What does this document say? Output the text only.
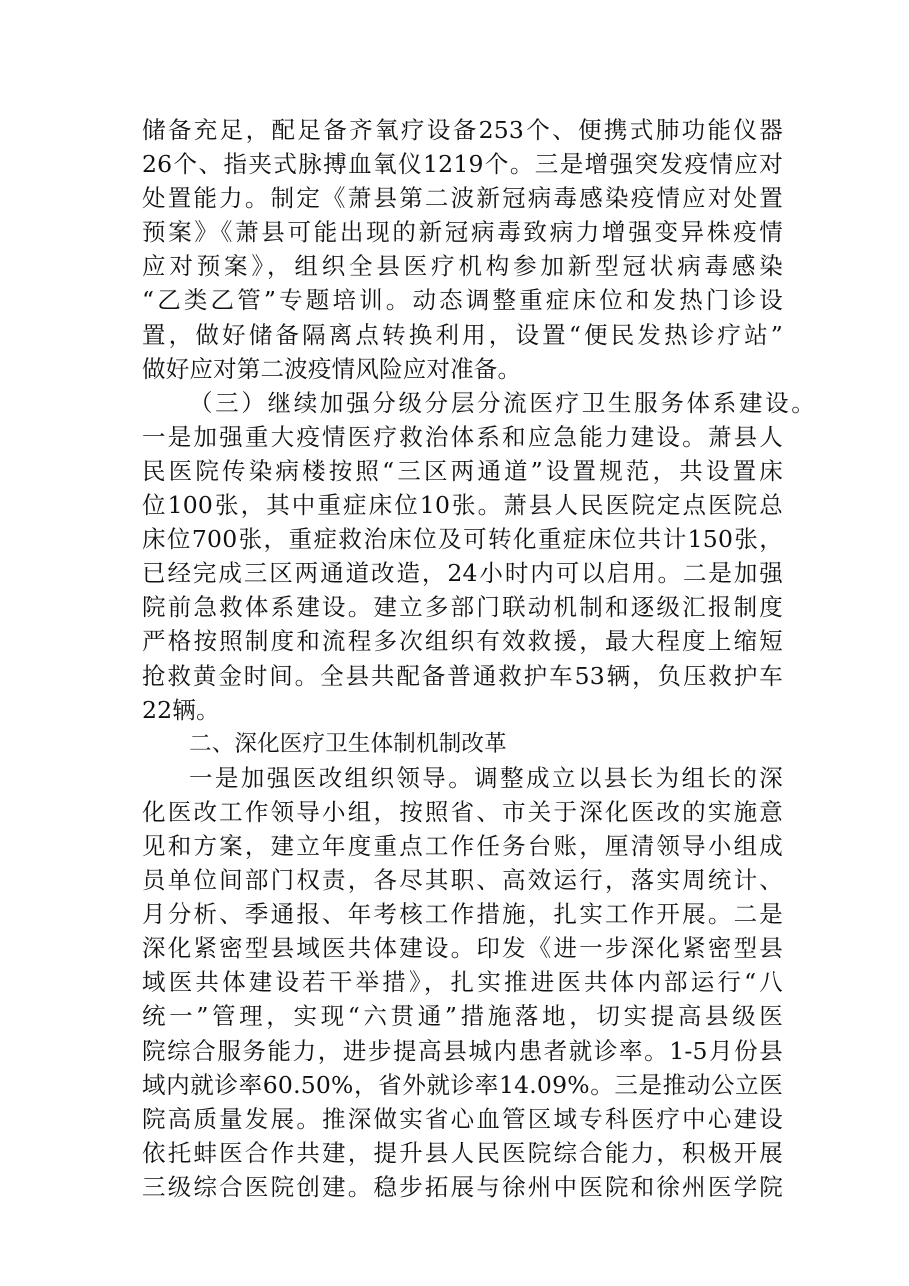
储备充足，配足备齐氧疗设备253个、便携式肺功能仪器
26个、指夹式脉搏血氧仪1219个。三是增强突发疫情应对
处置能力。制定《萧县第二波新冠病毒感染疫情应对处置
预案》《萧县可能出现的新冠病毒致病力增强变异株疫情
应对预案》，组织全县医疗机构参加新型冠状病毒感染
“乙类乙管”专题培训。动态调整重症床位和发热门诊设
置，做好储备隔离点转换利用，设置“便民发热诊疗站”
做好应对第二波疫情风险应对准备。
（三）继续加强分级分层分流医疗卫生服务体系建设。
一是加强重大疫情医疗救治体系和应急能力建设。萧县人
民医院传染病楼按照“三区两通道”设置规范，共设置床
位100张，其中重症床位10张。萧县人民医院定点医院总
床位700张，重症救治床位及可转化重症床位共计150张，
已经完成三区两通道改造，24小时内可以启用。二是加强
院前急救体系建设。建立多部门联动机制和逐级汇报制度
严格按照制度和流程多次组织有效救援，最大程度上缩短
抢救黄金时间。全县共配备普通救护车53辆，负压救护车
22辆。
二、深化医疗卫生体制机制改革
一是加强医改组织领导。调整成立以县长为组长的深
化医改工作领导小组，按照省、市关于深化医改的实施意
见和方案，建立年度重点工作任务台账，厘清领导小组成
员单位间部门权责，各尽其职、高效运行，落实周统计、
月分析、季通报、年考核工作措施，扎实工作开展。二是
深化紧密型县域医共体建设。印发《进一步深化紧密型县
域医共体建设若干举措》，扎实推进医共体内部运行“八
统一”管理，实现“六贯通”措施落地，切实提高县级医
院综合服务能力，进步提高县城内患者就诊率。1-5月份县
域内就诊率60.50%，省外就诊率14.09%。三是推动公立医
院高质量发展。推深做实省心血管区域专科医疗中心建设
依托蚌医合作共建，提升县人民医院综合能力，积极开展
三级综合医院创建。稳步拓展与徐州中医院和徐州医学院
